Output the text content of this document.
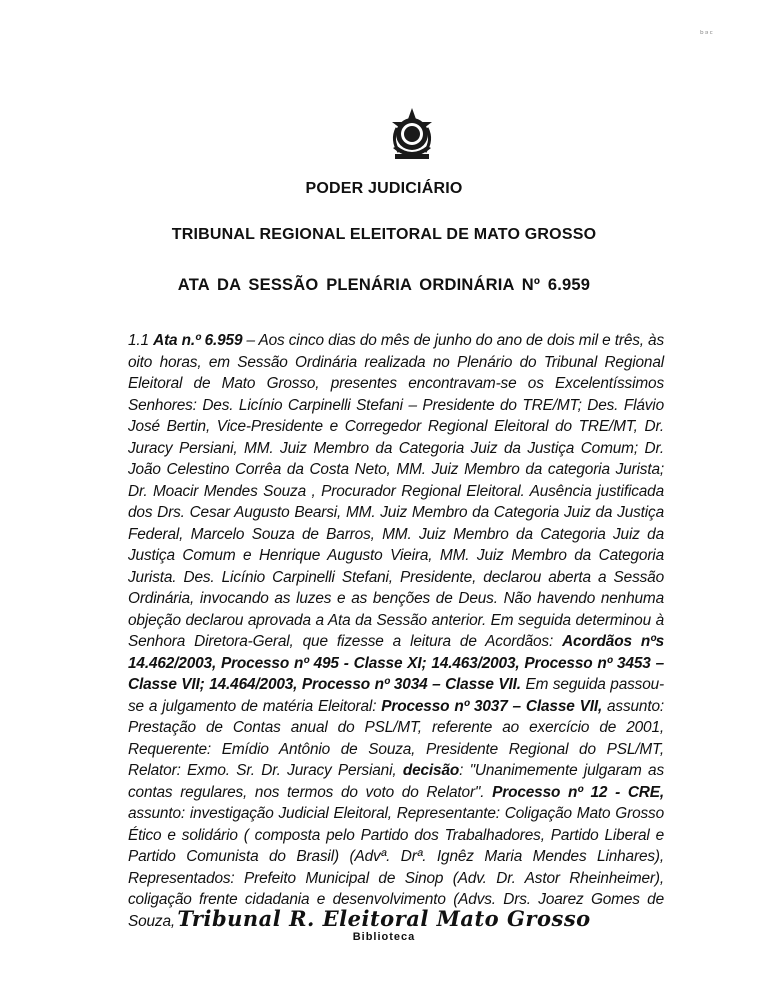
ᵇᵊᶜ
PODER JUDICIÁRIO
TRIBUNAL REGIONAL ELEITORAL DE MATO GROSSO
ATA DA SESSÃO PLENÁRIA ORDINÁRIA Nº 6.959
1.1 Ata n.º 6.959 – Aos cinco dias do mês de junho do ano de dois mil e três, às oito horas, em Sessão Ordinária realizada no Plenário do Tribunal Regional Eleitoral de Mato Grosso, presentes encontravam-se os Excelentíssimos Senhores: Des. Licínio Carpinelli Stefani – Presidente do TRE/MT; Des. Flávio José Bertin, Vice-Presidente e Corregedor Regional Eleitoral do TRE/MT, Dr. Juracy Persiani, MM. Juiz Membro da Categoria Juiz da Justiça Comum; Dr. João Celestino Corrêa da Costa Neto, MM. Juiz Membro da categoria Jurista; Dr. Moacir Mendes Souza , Procurador Regional Eleitoral. Ausência justificada dos Drs. Cesar Augusto Bearsi, MM. Juiz Membro da Categoria Juiz da Justiça Federal, Marcelo Souza de Barros, MM. Juiz Membro da Categoria Juiz da Justiça Comum e Henrique Augusto Vieira, MM. Juiz Membro da Categoria Jurista. Des. Licínio Carpinelli Stefani, Presidente, declarou aberta a Sessão Ordinária, invocando as luzes e as benções de Deus. Não havendo nenhuma objeção declarou aprovada a Ata da Sessão anterior. Em seguida determinou à Senhora Diretora-Geral, que fizesse a leitura de Acordãos: Acordãos nºs 14.462/2003, Processo nº 495 - Classe XI; 14.463/2003, Processo nº 3453 – Classe VII; 14.464/2003, Processo nº 3034 – Classe VII. Em seguida passou-se a julgamento de matéria Eleitoral: Processo nº 3037 – Classe VII, assunto: Prestação de Contas anual do PSL/MT, referente ao exercício de 2001, Requerente: Emídio Antônio de Souza, Presidente Regional do PSL/MT, Relator: Exmo. Sr. Dr. Juracy Persiani, decisão: "Unanimemente julgaram as contas regulares, nos termos do voto do Relator". Processo nº 12 - CRE, assunto: investigação Judicial Eleitoral, Representante: Coligação Mato Grosso Ético e solidário ( composta pelo Partido dos Trabalhadores, Partido Liberal e Partido Comunista do Brasil) (Advª. Drª. Ignêz Maria Mendes Linhares), Representados: Prefeito Municipal de Sinop (Adv. Dr. Astor Rheinheimer), coligação frente cidadania e desenvolvimento (Advs. Drs. Joarez Gomes de Souza, Tribunal R. Eleitoral Mato Grosso
Biblioteca
